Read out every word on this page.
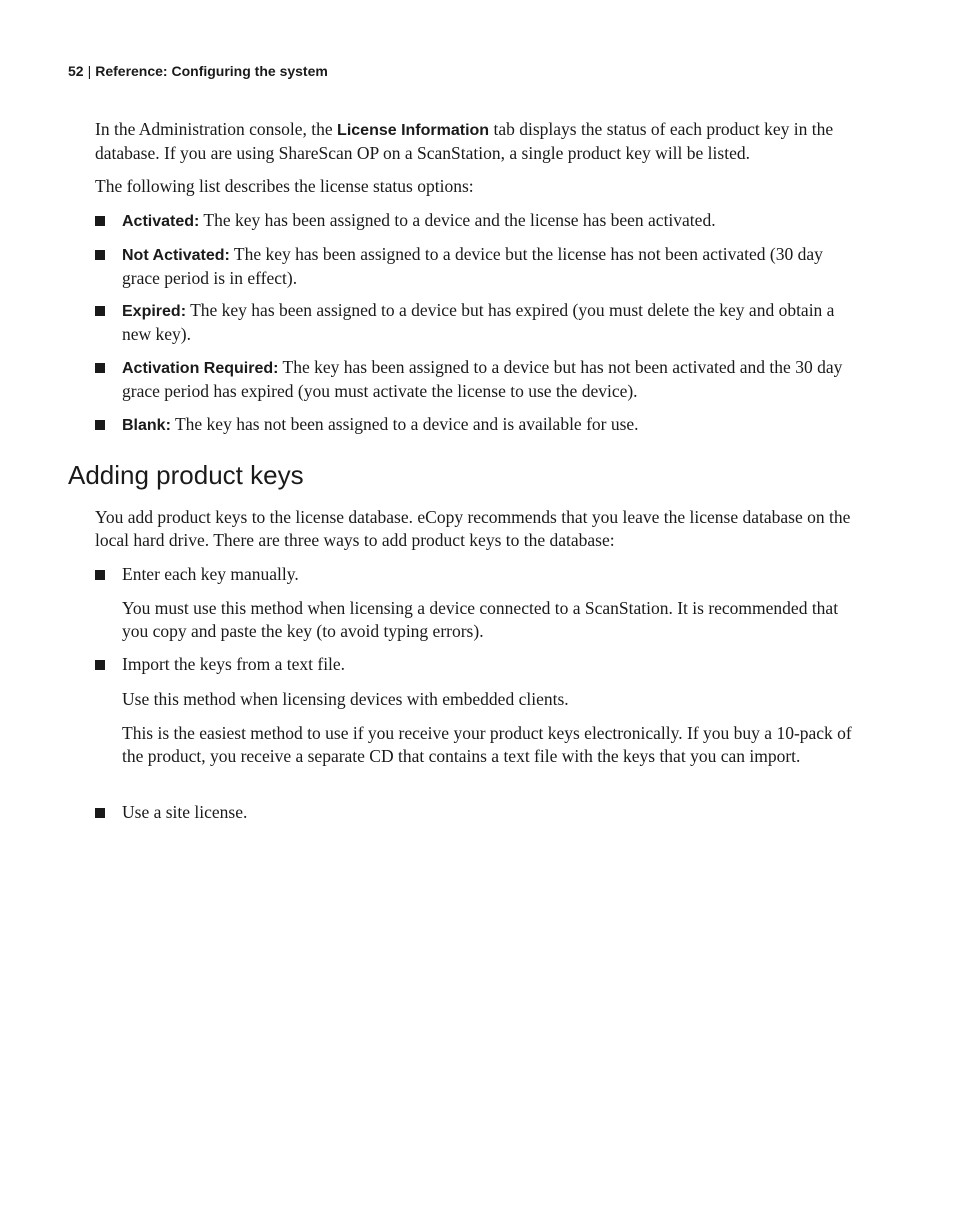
52 | Reference: Configuring the system

In the Administration console, the License Information tab displays the status of each product key in the database. If you are using ShareScan OP on a ScanStation, a single product key will be listed.

The following list describes the license status options:

Activated: The key has been assigned to a device and the license has been activated.
Not Activated: The key has been assigned to a device but the license has not been activated (30 day grace period is in effect).
Expired: The key has been assigned to a device but has expired (you must delete the key and obtain a new key).
Activation Required: The key has been assigned to a device but has not been activated and the 30 day grace period has expired (you must activate the license to use the device).
Blank: The key has not been assigned to a device and is available for use.
Adding product keys

You add product keys to the license database. eCopy recommends that you leave the license database on the local hard drive. There are three ways to add product keys to the database:

Enter each key manually.

You must use this method when licensing a device connected to a ScanStation. It is recommended that you copy and paste the key (to avoid typing errors).

Import the keys from a text file.

Use this method when licensing devices with embedded clients.

This is the easiest method to use if you receive your product keys electronically. If you buy a 10-pack of the product, you receive a separate CD that contains a text file with the keys that you can import.

Use a site license.
